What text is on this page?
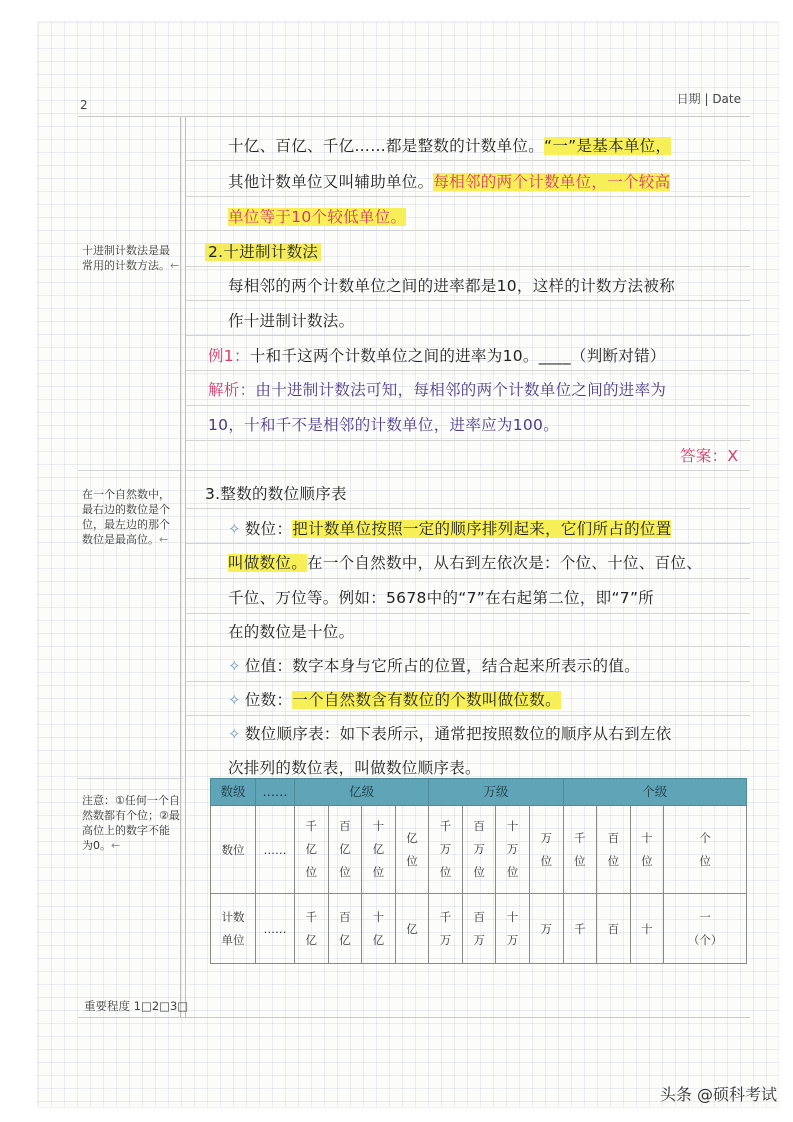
2	日期 | Date
十亿、百亿、千亿……都是整数的计数单位。“一”是基本单位，
其他计数单位又叫辅助单位。每相邻的两个计数单位，一个较高
单位等于10个较低单位。
2.十进制计数法
每相邻的两个计数单位之间的进率都是10，这样的计数方法被称
作十进制计数法。
例1：十和千这两个计数单位之间的进率为10。____（判断对错）
解析：由十进制计数法可知，每相邻的两个计数单位之间的进率为
10，十和千不是相邻的计数单位，进率应为100。
答案：X
3.整数的数位顺序表
✧ 数位：把计数单位按照一定的顺序排列起来，它们所占的位置
叫做数位。在一个自然数中，从右到左依次是：个位、十位、百位、
千位、万位等。例如：5678中的“7”在右起第二位，即“7”所
在的数位是十位。
✧ 位值：数字本身与它所占的位置，结合起来所表示的值。
✧ 位数：一个自然数含有数位的个数叫做位数。
✧ 数位顺序表：如下表所示，通常把按照数位的顺序从右到左依
次排列的数位表，叫做数位顺序表。
十进制计数法是最常用的计数方法。←
在一个自然数中，最右边的数位是个位，最左边的那个数位是最高位。←
注意：①任何一个自然数都有个位；②最高位上的数字不能为0。←
数级	……	亿级				万级				个级			
数位	……	千亿位	百亿位	十亿位	亿位	千万位	百万位	十万位	万位	千位	百位	十位	个位
计数单位	……	千亿	百亿	十亿	亿	千万	百万	十万	万	千	百	十	一（个）
重要程度 1□2□3□
头条 @硕科考试
